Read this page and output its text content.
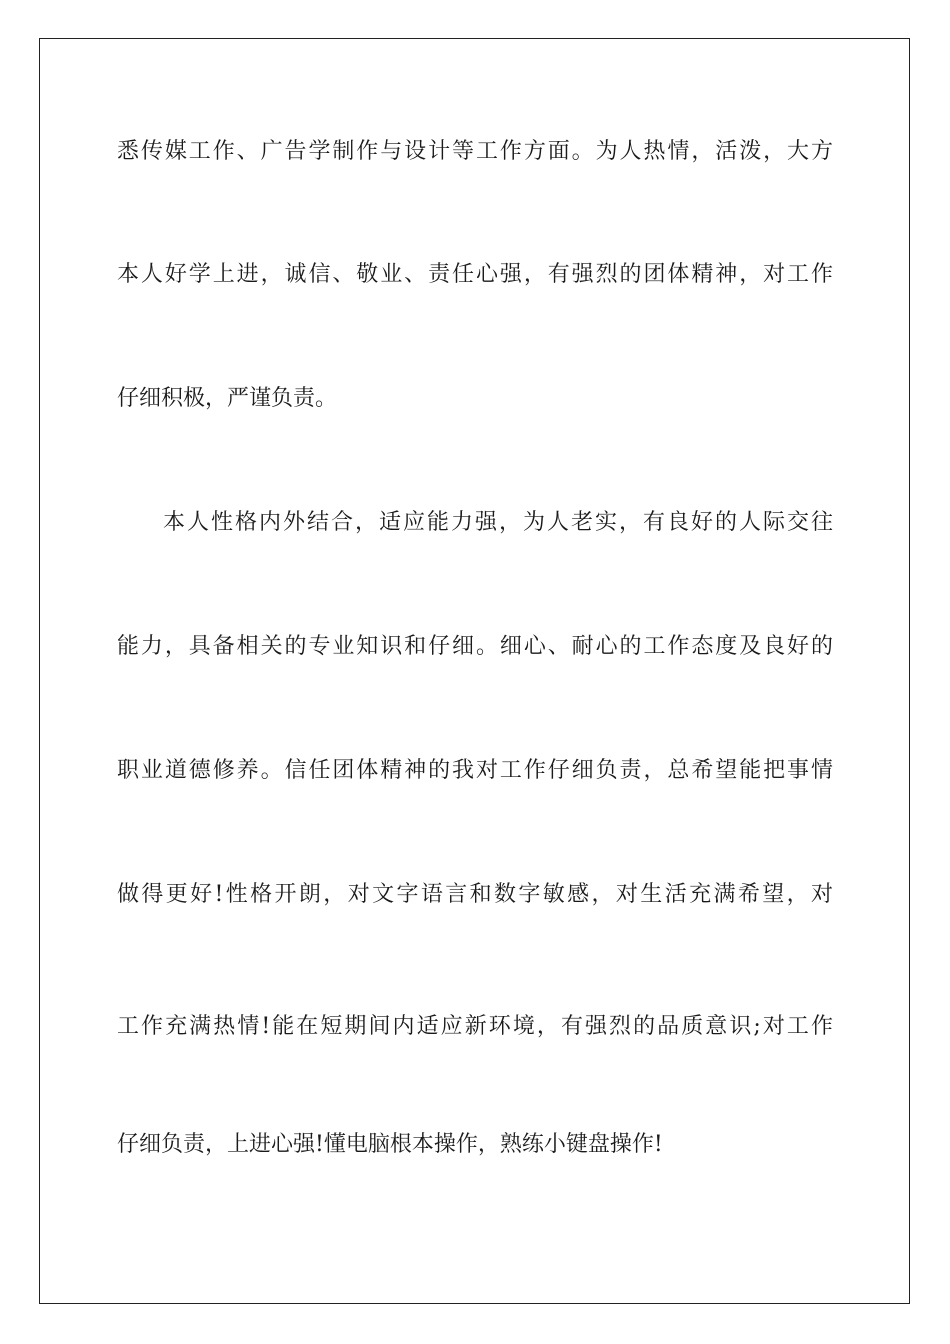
悉传媒工作、广告学制作与设计等工作方面。为人热情，活泼，大方
本人好学上进，诚信、敬业、责任心强，有强烈的团体精神，对工作
仔细积极，严谨负责。
本人性格内外结合，适应能力强，为人老实，有良好的人际交往
能力，具备相关的专业知识和仔细。细心、耐心的工作态度及良好的
职业道德修养。信任团体精神的我对工作仔细负责，总希望能把事情
做得更好!性格开朗，对文字语言和数字敏感，对生活充满希望，对
工作充满热情!能在短期间内适应新环境，有强烈的品质意识;对工作
仔细负责，上进心强!懂电脑根本操作，熟练小键盘操作!
